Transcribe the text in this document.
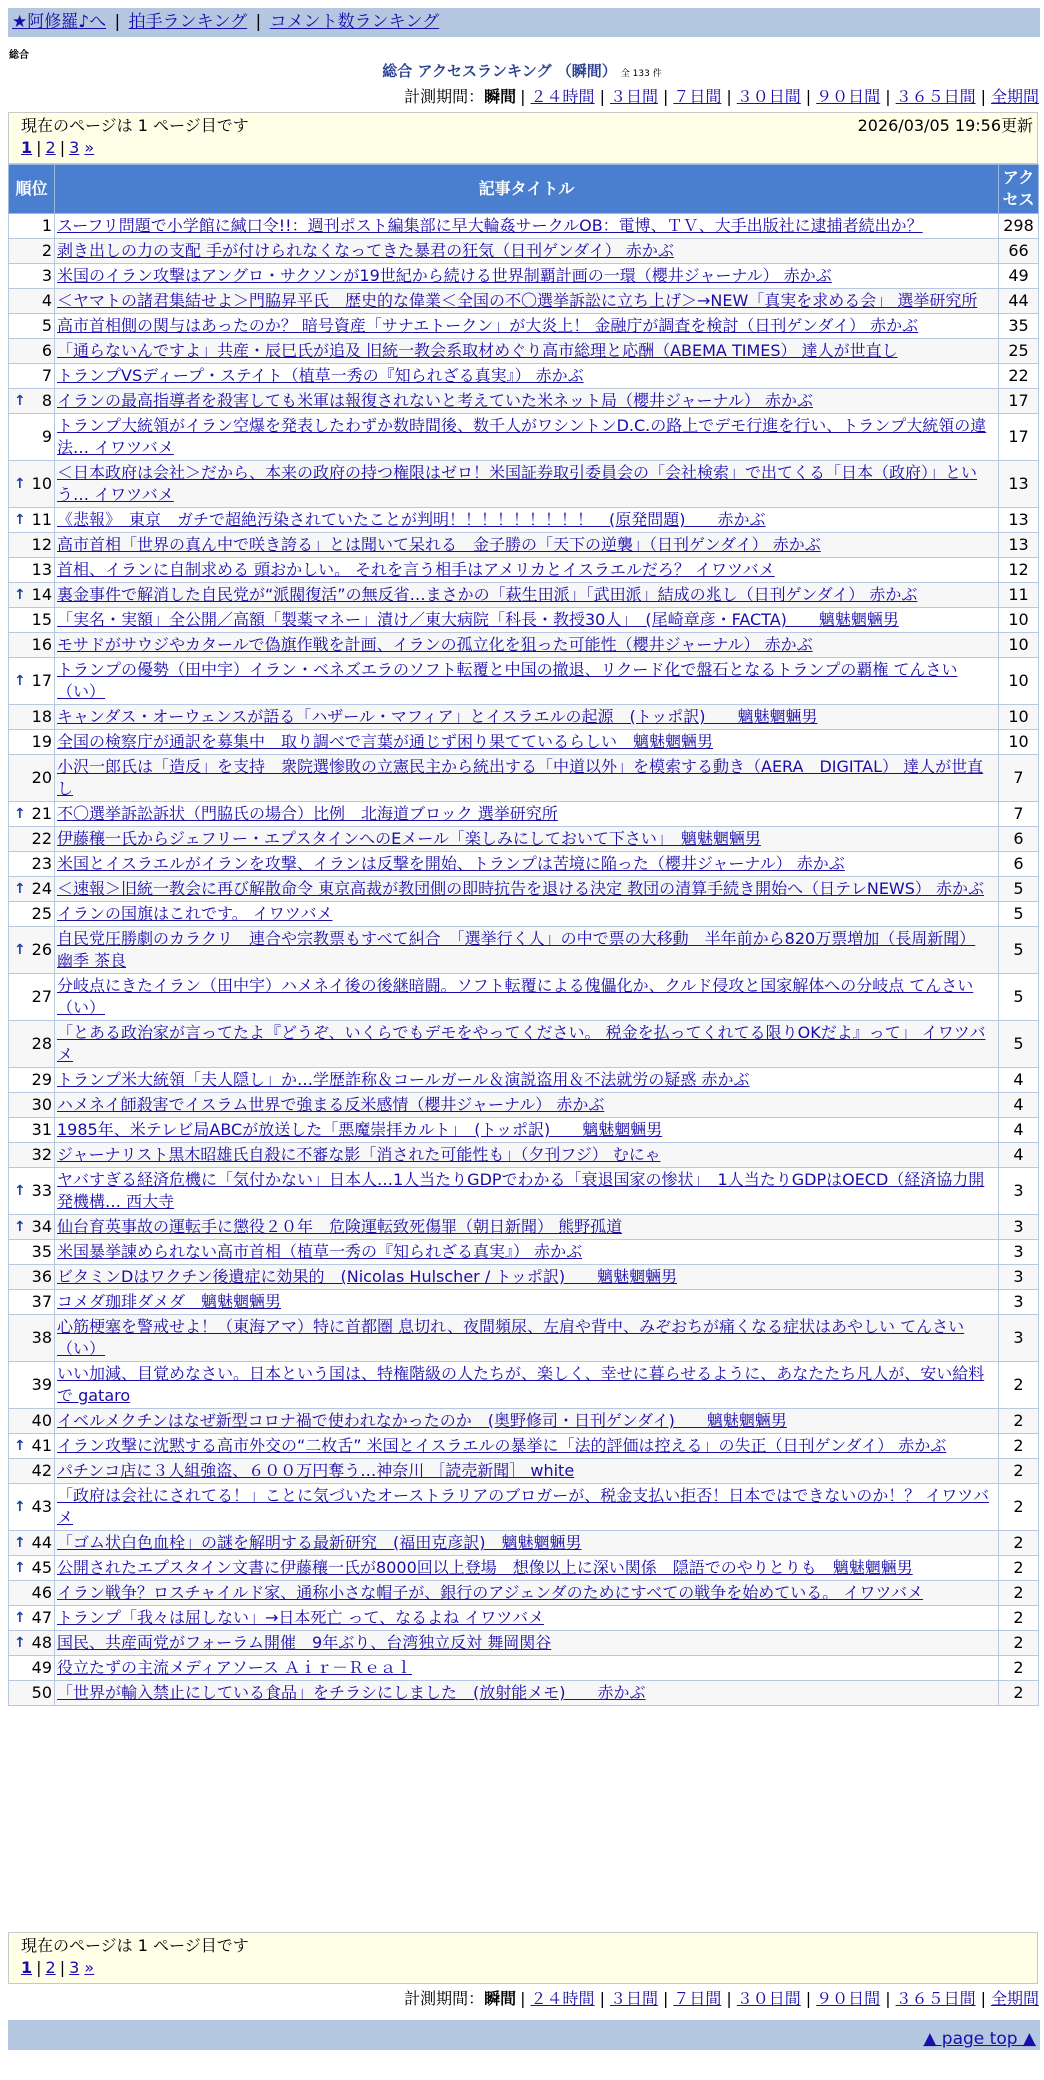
★阿修羅♪へ | 拍手ランキング | コメント数ランキング
総合
総合 アクセスランキング （瞬間） 全 133 件
計測期間：瞬間 | ２４時間 | ３日間 | ７日間 | ３０日間 | ９０日間 | ３６５日間 | 全期間
現在のページは 1 ページ目です	2026/03/05 19:56更新
1 | 2 | 3 »
順位	記事タイトル	アクセス
1	スーフリ問題で小学館に緘口令!!：週刊ポスト編集部に早大輪姦サークルOB：電博、ＴＶ、大手出版社に逮捕者続出か？	298
2	剥き出しの力の支配 手が付けられなくなってきた暴君の狂気（日刊ゲンダイ） 赤かぶ	66
3	米国のイラン攻撃はアングロ・サクソンが19世紀から続ける世界制覇計画の一環（櫻井ジャーナル） 赤かぶ	49
4	＜ヤマトの諸君集結せよ＞門脇昇平氏　歴史的な偉業＜全国の不〇選挙訴訟に立ち上げ＞→NEW「真実を求める会」 選挙研究所	44
5	高市首相側の関与はあったのか？ 暗号資産「サナエトークン」が大炎上！ 金融庁が調査を検討（日刊ゲンダイ） 赤かぶ	35
6	「通らないんですよ」共産・辰巳氏が追及 旧統一教会系取材めぐり高市総理と応酬（ABEMA TIMES） 達人が世直し	25
7	トランプVSディープ・ステイト（植草一秀の『知られざる真実』） 赤かぶ	22

↑ 8	イランの最高指導者を殺害しても米軍は報復されないと考えていた米ネット局（櫻井ジャーナル） 赤かぶ	17
9	トランプ大統領がイラン空爆を発表したわずか数時間後、数千人がワシントンD.C.の路上でデモ行進を行い、トランプ大統領の違法… イワツバメ	17

↑ 10	＜日本政府は会社＞だから、本来の政府の持つ権限はゼロ！米国証券取引委員会の「会社検索」で出てくる「日本（政府）」という… イワツバメ	13

↑ 11	《悲報》　東京　ガチで超絶汚染されていたことが判明！！！！！！！！！　(原発問題)　　赤かぶ	13
12	高市首相「世界の真ん中で咲き誇る」とは聞いて呆れる　金子勝の「天下の逆襲」（日刊ゲンダイ） 赤かぶ	13
13	首相、イランに自制求める 頭おかしい。 それを言う相手はアメリカとイスラエルだろ？ イワツバメ	12

↑ 14	裏金事件で解消した自民党が“派閥復活”の無反省…まさかの「萩生田派」「武田派」結成の兆し（日刊ゲンダイ） 赤かぶ	11
15	「実名・実額」全公開／高額「製薬マネー」漬け／東大病院「科長・教授30人」　(尾崎章彦・FACTA)　　魑魅魍魎男	10
16	モサドがサウジやカタールで偽旗作戦を計画、イランの孤立化を狙った可能性（櫻井ジャーナル） 赤かぶ	10

↑ 17	トランプの優勢（田中宇）イラン・ベネズエラのソフト転覆と中国の撤退、リクード化で盤石となるトランプの覇権 てんさい（い）	10
18	キャンダス・オーウェンスが語る「ハザール・マフィア」とイスラエルの起源　(トッポ訳)　　魑魅魍魎男	10
19	全国の検察庁が通訳を募集中　取り調べで言葉が通じず困り果てているらしい　魑魅魍魎男	10
20	小沢一郎氏は「造反」を支持　衆院選惨敗の立憲民主から統出する「中道以外」を模索する動き（AERA　DIGITAL） 達人が世直し	7

↑ 21	不〇選挙訴訟訴状（門脇氏の場合）比例　北海道ブロック 選挙研究所	7
22	伊藤穰一氏からジェフリー・エプスタインへのEメール「楽しみにしておいて下さい」　魑魅魍魎男	6
23	米国とイスラエルがイランを攻撃、イランは反撃を開始、トランプは苦境に陥った（櫻井ジャーナル） 赤かぶ	6

↑ 24	＜速報＞旧統一教会に再び解散命令 東京高裁が教団側の即時抗告を退ける決定 教団の清算手続き開始へ（日テレNEWS） 赤かぶ	5
25	イランの国旗はこれです。 イワツバメ	5

↑ 26	自民党圧勝劇のカラクリ　連合や宗教票もすべて糾合　「選挙行く人」の中で票の大移動　半年前から820万票増加（長周新聞） 幽季 茶良	5
27	分岐点にきたイラン（田中宇）ハメネイ後の後継暗闘。ソフト転覆による傀儡化か、クルド侵攻と国家解体への分岐点 てんさい（い）	5
28	「とある政治家が言ってたよ『どうぞ、いくらでもデモをやってください。 税金を払ってくれてる限りOKだよ』って」 イワツバメ	5
29	トランプ米大統領「夫人隠し」か…学歴詐称＆コールガール＆演説盗用＆不法就労の疑惑 赤かぶ	4
30	ハメネイ師殺害でイスラム世界で強まる反米感情（櫻井ジャーナル） 赤かぶ	4
31	1985年、米テレビ局ABCが放送した「悪魔崇拝カルト」　(トッポ訳)　　魑魅魍魎男	4
32	ジャーナリスト黒木昭雄氏自殺に不審な影「消された可能性も」（夕刊フジ） むにゃ	4

↑ 33	ヤバすぎる経済危機に「気付かない」日本人…1人当たりGDPでわかる「衰退国家の惨状」　1人当たりGDPはOECD（経済協力開発機構… 西大寺	3

↑ 34	仙台育英事故の運転手に懲役２０年　危険運転致死傷罪（朝日新聞） 熊野孤道	3
35	米国暴挙諌められない高市首相（植草一秀の『知られざる真実』） 赤かぶ	3
36	ビタミンDはワクチン後遺症に効果的　(Nicolas Hulscher / トッポ訳)　　魑魅魍魎男	3
37	コメダ珈琲ダメダ　魑魅魍魎男	3
38	心筋梗塞を警戒せよ！（東海アマ）特に首都圏 息切れ、夜間頻尿、左肩や背中、みぞおちが痛くなる症状はあやしい てんさい（い）	3
39	いい加減、目覚めなさい。日本という国は、特権階級の人たちが、楽しく、幸せに暮らせるように、あなたたち凡人が、安い給料で gataro	2
40	イベルメクチンはなぜ新型コロナ禍で使われなかったのか　(奥野修司・日刊ゲンダイ)　　魑魅魍魎男	2

↑ 41	イラン攻撃に沈黙する高市外交の“二枚舌” 米国とイスラエルの暴挙に「法的評価は控える」の失正（日刊ゲンダイ） 赤かぶ	2
42	パチンコ店に３人組強盗、６００万円奪う…神奈川 ［読売新聞］ white	2

↑ 43	「政府は会社にされてる！」ことに気づいたオーストラリアのブロガーが、税金支払い拒否！日本ではできないのか！？ イワツバメ	2

↑ 44	「ゴム状白色血栓」の謎を解明する最新研究　(福田克彦訳)　魑魅魍魎男	2

↑ 45	公開されたエプスタイン文書に伊藤穰一氏が8000回以上登場　想像以上に深い関係　隠語でのやりとりも　魑魅魍魎男	2
46	イラン戦争？ロスチャイルド家、通称小さな帽子が、銀行のアジェンダのためにすべての戦争を始めている。 イワツバメ	2

↑ 47	トランプ「我々は屈しない」→日本死亡 って、なるよね イワツバメ	2

↑ 48	国民、共産両党がフォーラム開催　9年ぶり、台湾独立反対 舞岡関谷	2
49	役立たずの主流メディアソース Ａｉｒ－Ｒｅａｌ	2
50	「世界が輸入禁止にしている食品」をチラシにしました　(放射能メモ)　　赤かぶ	2
現在のページは 1 ページ目です
1 | 2 | 3 »
計測期間：瞬間 | ２４時間 | ３日間 | ７日間 | ３０日間 | ９０日間 | ３６５日間 | 全期間
▲ page top ▲
